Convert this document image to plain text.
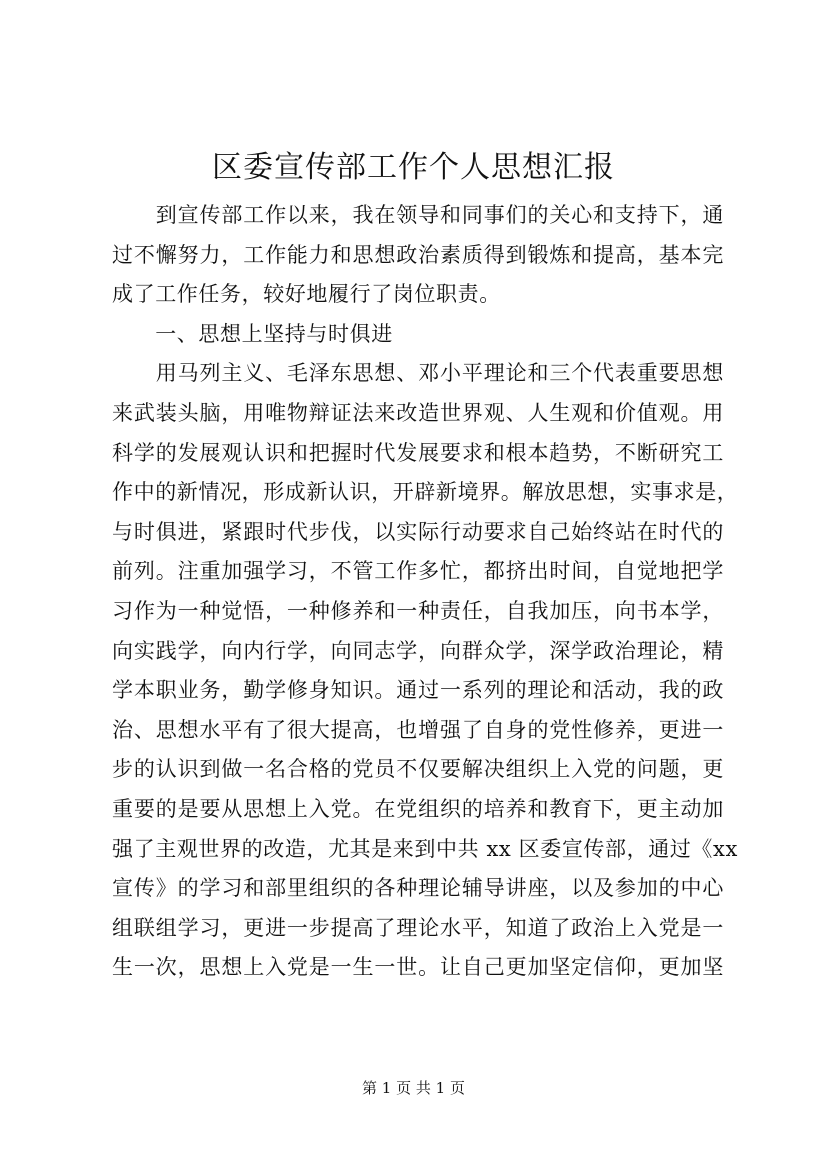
区委宣传部工作个人思想汇报
　　到宣传部工作以来，我在领导和同事们的关心和支持下，通
过不懈努力，工作能力和思想政治素质得到锻炼和提高，基本完
成了工作任务，较好地履行了岗位职责。
　　一、思想上坚持与时俱进
　　用马列主义、毛泽东思想、邓小平理论和三个代表重要思想
来武装头脑，用唯物辩证法来改造世界观、人生观和价值观。用
科学的发展观认识和把握时代发展要求和根本趋势，不断研究工
作中的新情况，形成新认识，开辟新境界。解放思想，实事求是，
与时俱进，紧跟时代步伐，以实际行动要求自己始终站在时代的
前列。注重加强学习，不管工作多忙，都挤出时间，自觉地把学
习作为一种觉悟，一种修养和一种责任，自我加压，向书本学，
向实践学，向内行学，向同志学，向群众学，深学政治理论，精
学本职业务，勤学修身知识。通过一系列的理论和活动，我的政
治、思想水平有了很大提高，也增强了自身的党性修养，更进一
步的认识到做一名合格的党员不仅要解决组织上入党的问题，更
重要的是要从思想上入党。在党组织的培养和教育下，更主动加
强了主观世界的改造，尤其是来到中共 xx 区委宣传部，通过《xx
宣传》的学习和部里组织的各种理论辅导讲座，以及参加的中心
组联组学习，更进一步提高了理论水平，知道了政治上入党是一
生一次，思想上入党是一生一世。让自己更加坚定信仰，更加坚
第 1 页 共 1 页
